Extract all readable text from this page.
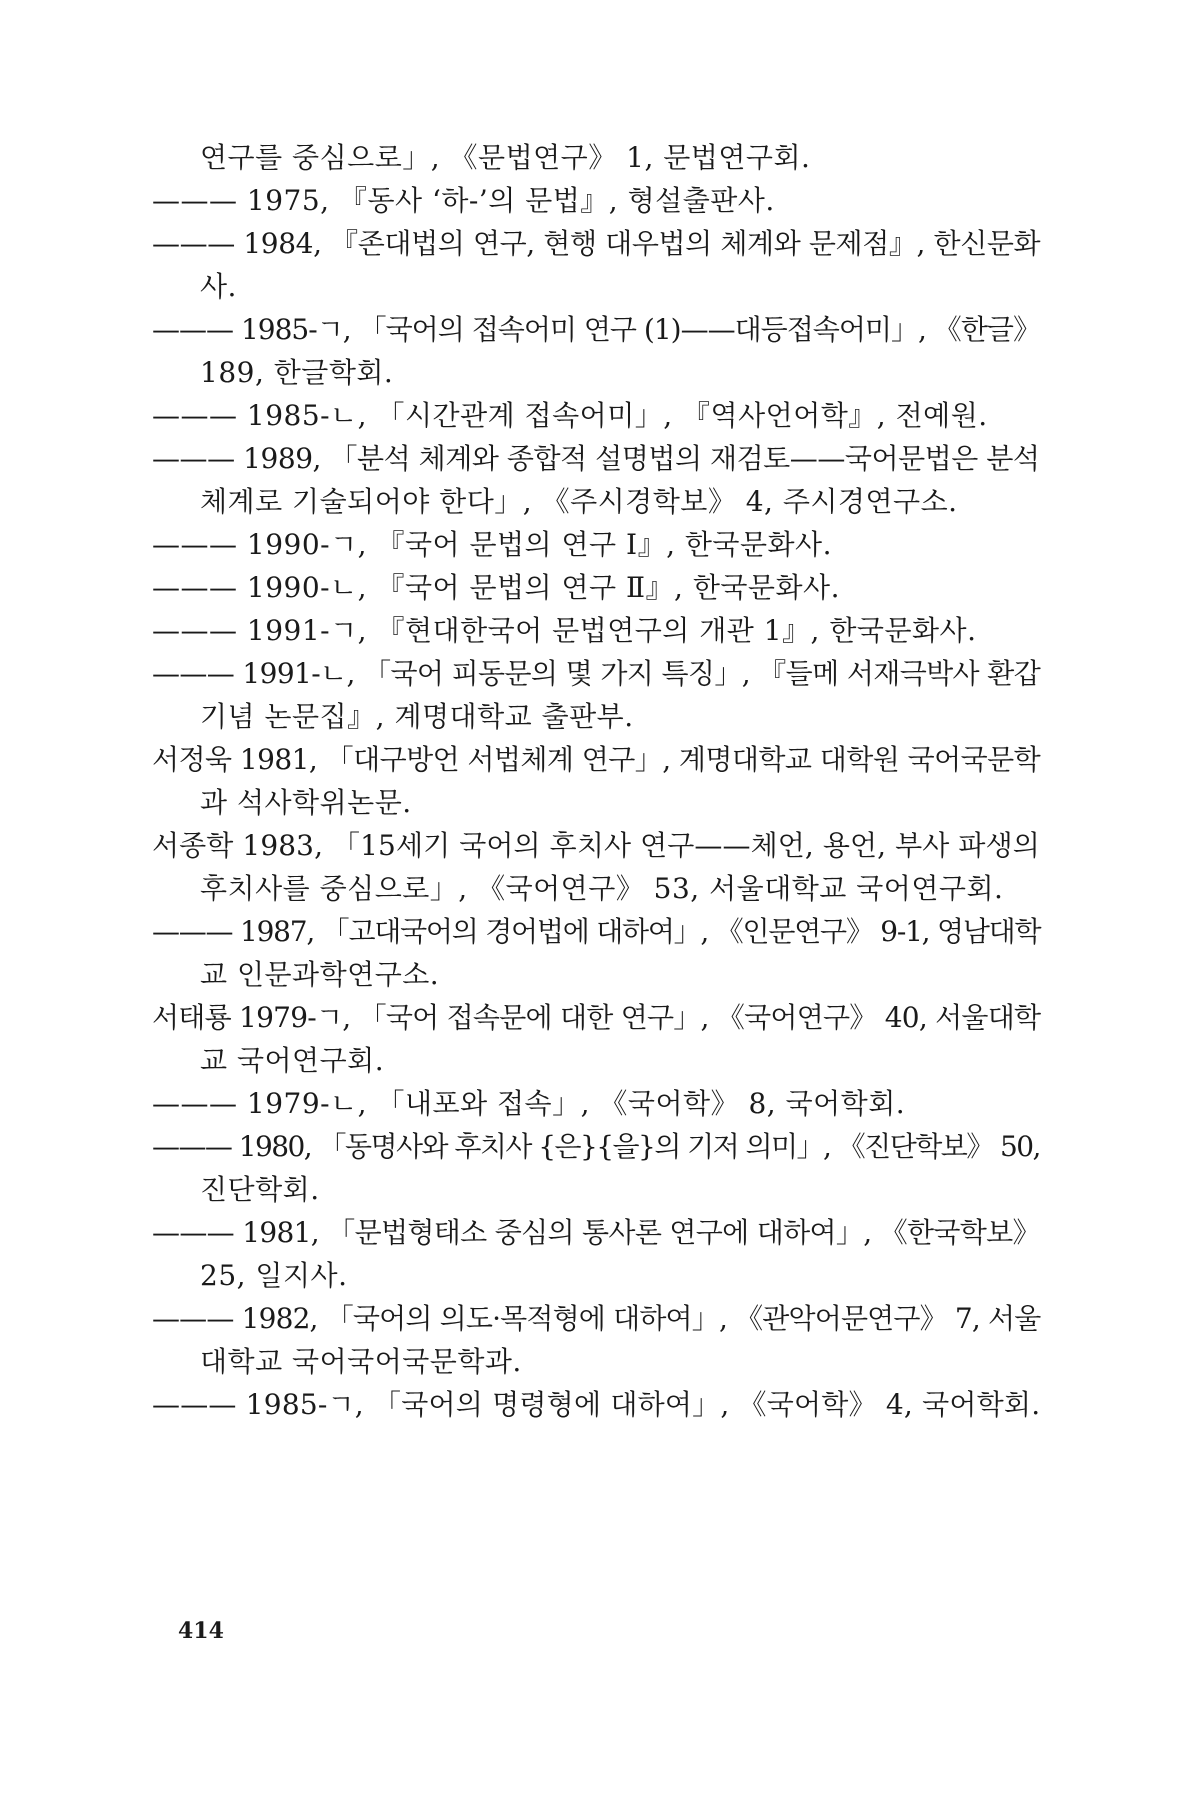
연구를 중심으로」, 《문법연구》 1, 문법연구회.
——— 1975, 『동사 ‘하-’의 문법』, 형설출판사.
——— 1984, 『존대법의 연구, 현행 대우법의 체계와 문제점』, 한신문화
사.
——— 1985-ㄱ, 「국어의 접속어미 연구 (1)——대등접속어미」, 《한글》
189, 한글학회.
——— 1985-ㄴ, 「시간관계 접속어미」, 『역사언어학』, 전예원.
——— 1989, 「분석 체계와 종합적 설명법의 재검토——국어문법은 분석
체계로 기술되어야 한다」, 《주시경학보》 4, 주시경연구소.
——— 1990-ㄱ, 『국어 문법의 연구 Ⅰ』, 한국문화사.
——— 1990-ㄴ, 『국어 문법의 연구 Ⅱ』, 한국문화사.
——— 1991-ㄱ, 『현대한국어 문법연구의 개관 1』, 한국문화사.
——— 1991-ㄴ, 「국어 피동문의 몇 가지 특징」, 『들메 서재극박사 환갑
기념 논문집』, 계명대학교 출판부.
서정욱 1981, 「대구방언 서법체계 연구」, 계명대학교 대학원 국어국문학
과 석사학위논문.
서종학 1983, 「15세기 국어의 후치사 연구——체언, 용언, 부사 파생의
후치사를 중심으로」, 《국어연구》 53, 서울대학교 국어연구회.
——— 1987, 「고대국어의 경어법에 대하여」, 《인문연구》 9-1, 영남대학
교 인문과학연구소.
서태룡 1979-ㄱ, 「국어 접속문에 대한 연구」, 《국어연구》 40, 서울대학
교 국어연구회.
——— 1979-ㄴ, 「내포와 접속」, 《국어학》 8, 국어학회.
——— 1980, 「동명사와 후치사 {은}{을}의 기저 의미」, 《진단학보》 50,
진단학회.
——— 1981, 「문법형태소 중심의 통사론 연구에 대하여」, 《한국학보》
25, 일지사.
——— 1982, 「국어의 의도·목적형에 대하여」, 《관악어문연구》 7, 서울
대학교 국어국어국문학과.
——— 1985-ㄱ, 「국어의 명령형에 대하여」, 《국어학》 4, 국어학회.
414
